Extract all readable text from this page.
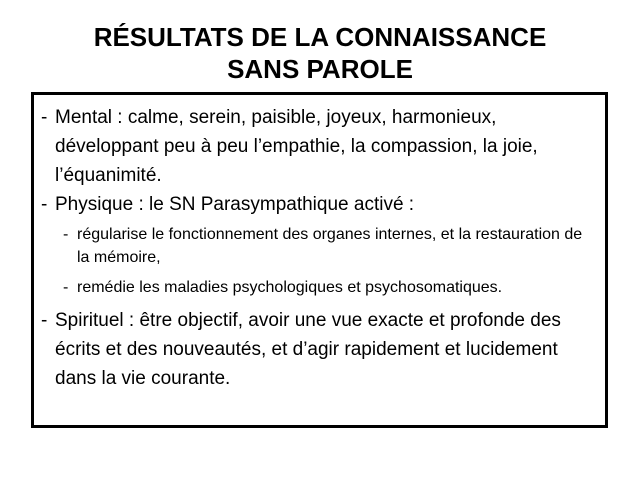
RÉSULTATS DE LA CONNAISSANCE
SANS PAROLE
- Mental : calme, serein, paisible, joyeux, harmonieux, développant peu à peu l’empathie, la compassion, la joie, l’équanimité.
- Physique : le SN Parasympathique activé :
- régularise le fonctionnement des organes internes, et la restauration de la mémoire,
- remédie les maladies psychologiques et psychosomatiques.
- Spirituel : être objectif, avoir une vue exacte et profonde des écrits et des nouveautés, et d’agir rapidement et lucidement dans la vie courante.
